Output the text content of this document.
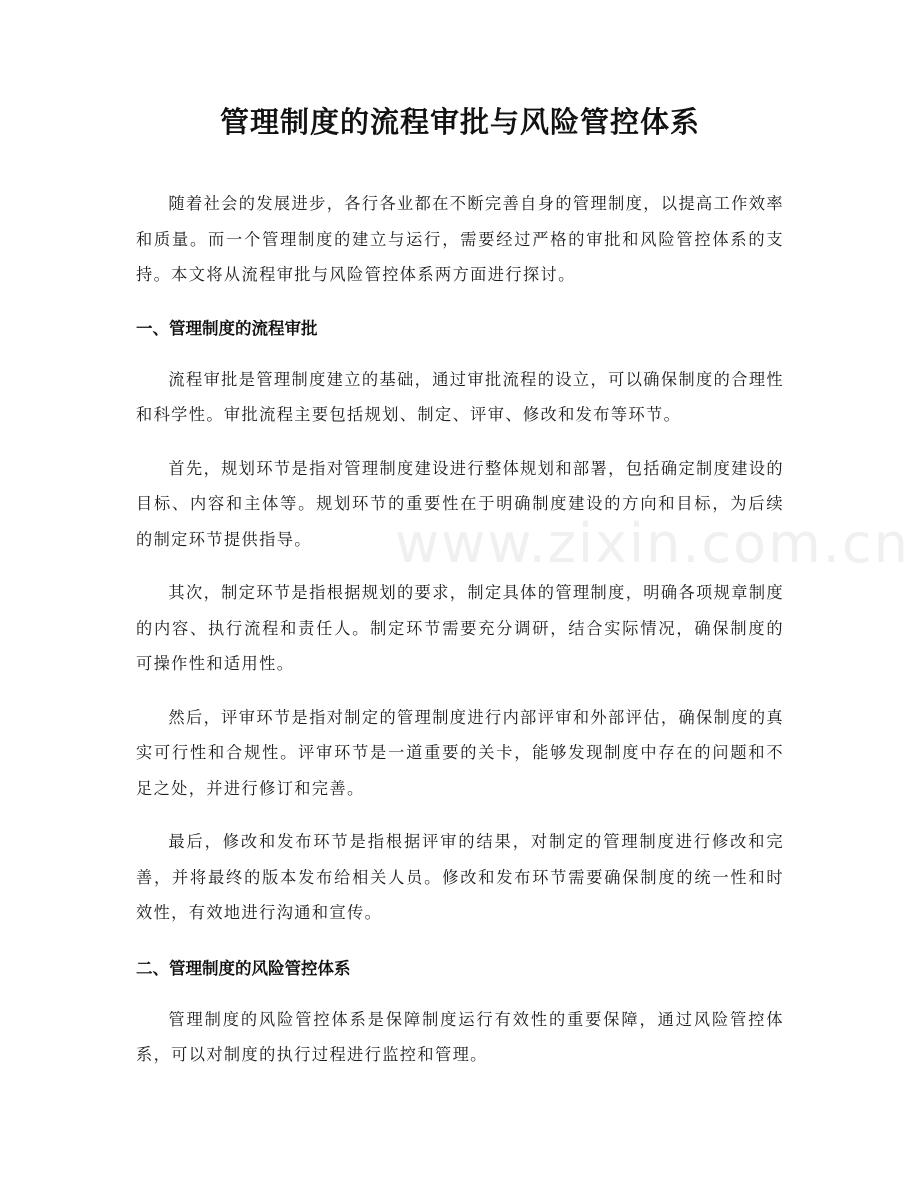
管理制度的流程审批与风险管控体系

随着社会的发展进步，各行各业都在不断完善自身的管理制度，以提高工作效率和质量。而一个管理制度的建立与运行，需要经过严格的审批和风险管控体系的支持。本文将从流程审批与风险管控体系两方面进行探讨。

一、管理制度的流程审批

流程审批是管理制度建立的基础，通过审批流程的设立，可以确保制度的合理性和科学性。审批流程主要包括规划、制定、评审、修改和发布等环节。

首先，规划环节是指对管理制度建设进行整体规划和部署，包括确定制度建设的目标、内容和主体等。规划环节的重要性在于明确制度建设的方向和目标，为后续的制定环节提供指导。

其次，制定环节是指根据规划的要求，制定具体的管理制度，明确各项规章制度的内容、执行流程和责任人。制定环节需要充分调研，结合实际情况，确保制度的可操作性和适用性。

然后，评审环节是指对制定的管理制度进行内部评审和外部评估，确保制度的真实可行性和合规性。评审环节是一道重要的关卡，能够发现制度中存在的问题和不足之处，并进行修订和完善。

最后，修改和发布环节是指根据评审的结果，对制定的管理制度进行修改和完善，并将最终的版本发布给相关人员。修改和发布环节需要确保制度的统一性和时效性，有效地进行沟通和宣传。

二、管理制度的风险管控体系

管理制度的风险管控体系是保障制度运行有效性的重要保障，通过风险管控体系，可以对制度的执行过程进行监控和管理。

www.zixin.com.cn
